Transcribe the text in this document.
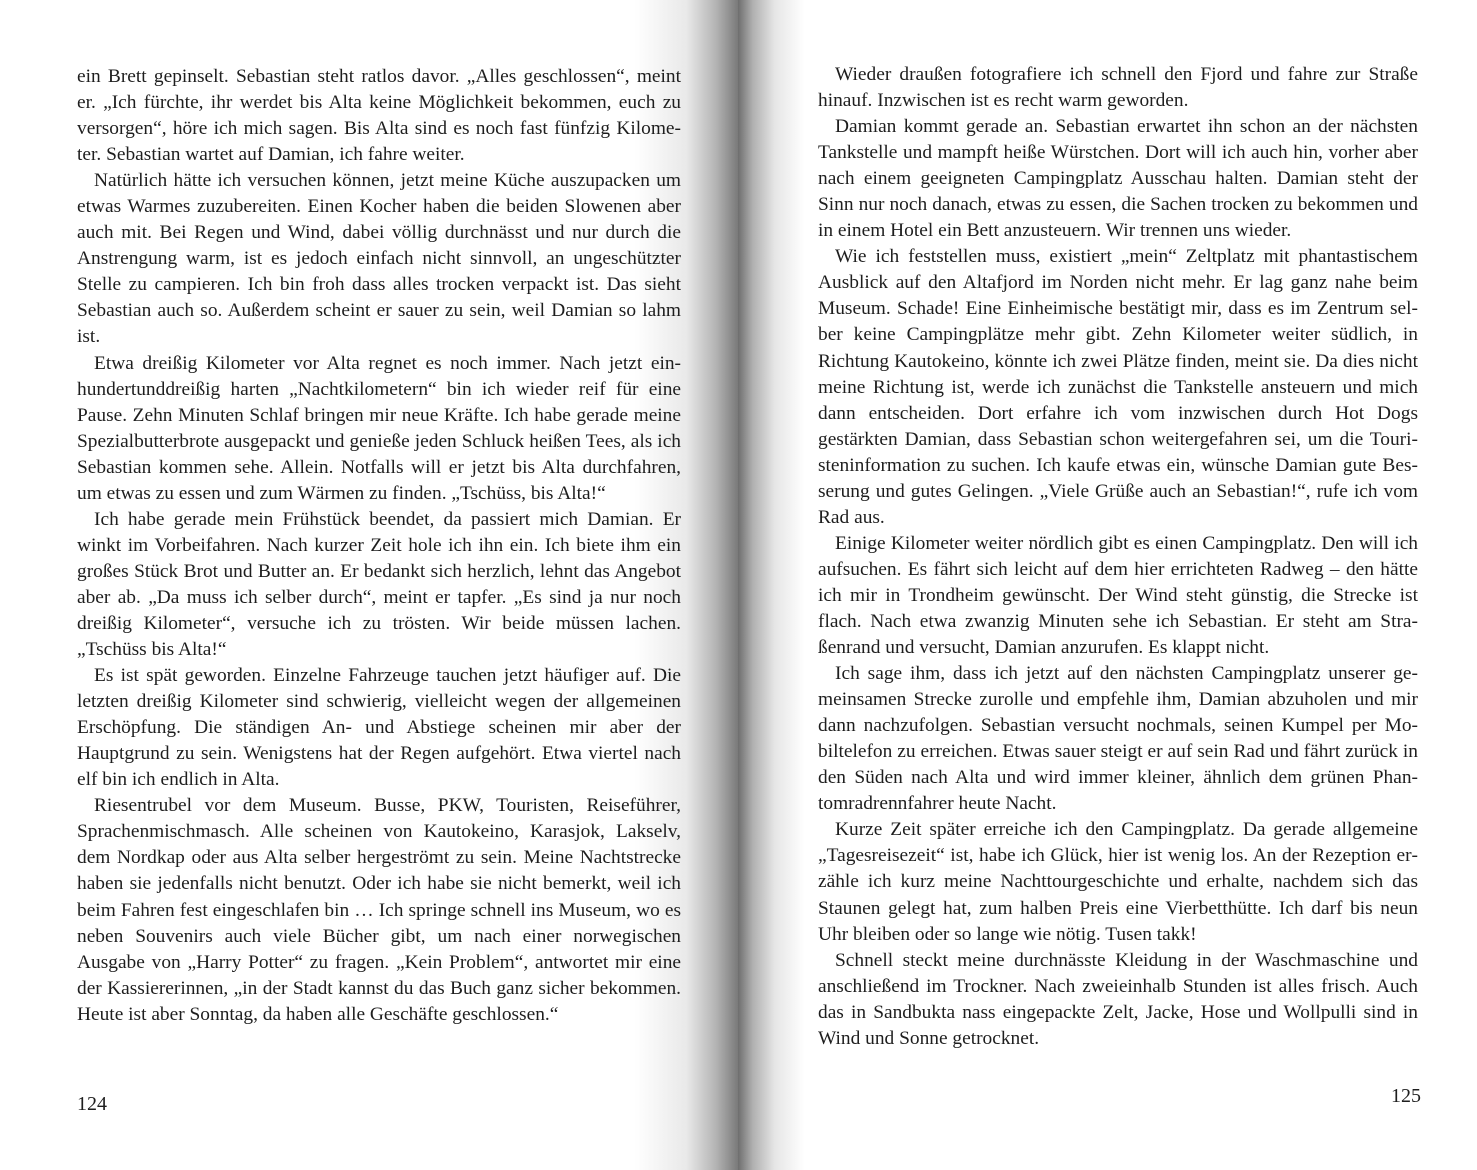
ein Brett gepinselt. Sebastian steht ratlos davor. „Alles geschlossen“, meint er. „Ich fürchte, ihr werdet bis Alta keine Möglichkeit bekommen, euch zu versorgen“, höre ich mich sagen. Bis Alta sind es noch fast fünfzig Kilometer. Sebastian wartet auf Damian, ich fahre weiter.

Natürlich hätte ich versuchen können, jetzt meine Küche auszupacken um etwas Warmes zuzubereiten. Einen Kocher haben die beiden Slowenen aber auch mit. Bei Regen und Wind, dabei völlig durchnässt und nur durch die Anstrengung warm, ist es jedoch einfach nicht sinnvoll, an ungeschützter Stelle zu campieren. Ich bin froh dass alles trocken verpackt ist. Das sieht Sebastian auch so. Außerdem scheint er sauer zu sein, weil Damian so lahm ist.

Etwa dreißig Kilometer vor Alta regnet es noch immer. Nach jetzt einhundertunddreißig harten „Nachtkilometern“ bin ich wieder reif für eine Pause. Zehn Minuten Schlaf bringen mir neue Kräfte. Ich habe gerade meine Spezialbutterbrote ausgepackt und genieße jeden Schluck heißen Tees, als ich Sebastian kommen sehe. Allein. Notfalls will er jetzt bis Alta durchfahren, um etwas zu essen und zum Wärmen zu finden. „Tschüss, bis Alta!“

Ich habe gerade mein Frühstück beendet, da passiert mich Damian. Er winkt im Vorbeifahren. Nach kurzer Zeit hole ich ihn ein. Ich biete ihm ein großes Stück Brot und Butter an. Er bedankt sich herzlich, lehnt das Angebot aber ab. „Da muss ich selber durch“, meint er tapfer. „Es sind ja nur noch dreißig Kilometer“, versuche ich zu trösten. Wir beide müssen lachen. „Tschüss bis Alta!“

Es ist spät geworden. Einzelne Fahrzeuge tauchen jetzt häufiger auf. Die letzten dreißig Kilometer sind schwierig, vielleicht wegen der allgemeinen Erschöpfung. Die ständigen An- und Abstiege scheinen mir aber der Hauptgrund zu sein. Wenigstens hat der Regen aufgehört. Etwa viertel nach elf bin ich endlich in Alta.

Riesentrubel vor dem Museum. Busse, PKW, Touristen, Reiseführer, Sprachenmischmasch. Alle scheinen von Kautokeino, Karasjok, Lakselv, dem Nordkap oder aus Alta selber hergeströmt zu sein. Meine Nachtstrecke haben sie jedenfalls nicht benutzt. Oder ich habe sie nicht bemerkt, weil ich beim Fahren fest eingeschlafen bin … Ich springe schnell ins Museum, wo es neben Souvenirs auch viele Bücher gibt, um nach einer norwegischen Ausgabe von „Harry Potter“ zu fragen. „Kein Problem“, antwortet mir eine der Kassiererinnen, „in der Stadt kannst du das Buch ganz sicher bekommen. Heute ist aber Sonntag, da haben alle Geschäfte geschlossen.“

124

Wieder draußen fotografiere ich schnell den Fjord und fahre zur Straße hinauf. Inzwischen ist es recht warm geworden.

Damian kommt gerade an. Sebastian erwartet ihn schon an der nächsten Tankstelle und mampft heiße Würstchen. Dort will ich auch hin, vorher aber nach einem geeigneten Campingplatz Ausschau halten. Damian steht der Sinn nur noch danach, etwas zu essen, die Sachen trocken zu bekommen und in einem Hotel ein Bett anzusteuern. Wir trennen uns wieder.

Wie ich feststellen muss, existiert „mein“ Zeltplatz mit phantastischem Ausblick auf den Altafjord im Norden nicht mehr. Er lag ganz nahe beim Museum. Schade! Eine Einheimische bestätigt mir, dass es im Zentrum selber keine Campingplätze mehr gibt. Zehn Kilometer weiter südlich, in Richtung Kautokeino, könnte ich zwei Plätze finden, meint sie. Da dies nicht meine Richtung ist, werde ich zunächst die Tankstelle ansteuern und mich dann entscheiden. Dort erfahre ich vom inzwischen durch Hot Dogs gestärkten Damian, dass Sebastian schon weitergefahren sei, um die Touristeninformation zu suchen. Ich kaufe etwas ein, wünsche Damian gute Besserung und gutes Gelingen. „Viele Grüße auch an Sebastian!“, rufe ich vom Rad aus.

Einige Kilometer weiter nördlich gibt es einen Campingplatz. Den will ich aufsuchen. Es fährt sich leicht auf dem hier errichteten Radweg – den hätte ich mir in Trondheim gewünscht. Der Wind steht günstig, die Strecke ist flach. Nach etwa zwanzig Minuten sehe ich Sebastian. Er steht am Straßenrand und versucht, Damian anzurufen. Es klappt nicht.

Ich sage ihm, dass ich jetzt auf den nächsten Campingplatz unserer gemeinsamen Strecke zurolle und empfehle ihm, Damian abzuholen und mir dann nachzufolgen. Sebastian versucht nochmals, seinen Kumpel per Mobiltelefon zu erreichen. Etwas sauer steigt er auf sein Rad und fährt zurück in den Süden nach Alta und wird immer kleiner, ähnlich dem grünen Phantomradrennfahrer heute Nacht.

Kurze Zeit später erreiche ich den Campingplatz. Da gerade allgemeine „Tagesreisezeit“ ist, habe ich Glück, hier ist wenig los. An der Rezeption erzähle ich kurz meine Nachttourgeschichte und erhalte, nachdem sich das Staunen gelegt hat, zum halben Preis eine Vierbetthütte. Ich darf bis neun Uhr bleiben oder so lange wie nötig. Tusen takk!

Schnell steckt meine durchnässte Kleidung in der Waschmaschine und anschließend im Trockner. Nach zweieinhalb Stunden ist alles frisch. Auch das in Sandbukta nass eingepackte Zelt, Jacke, Hose und Wollpulli sind in Wind und Sonne getrocknet.

125
